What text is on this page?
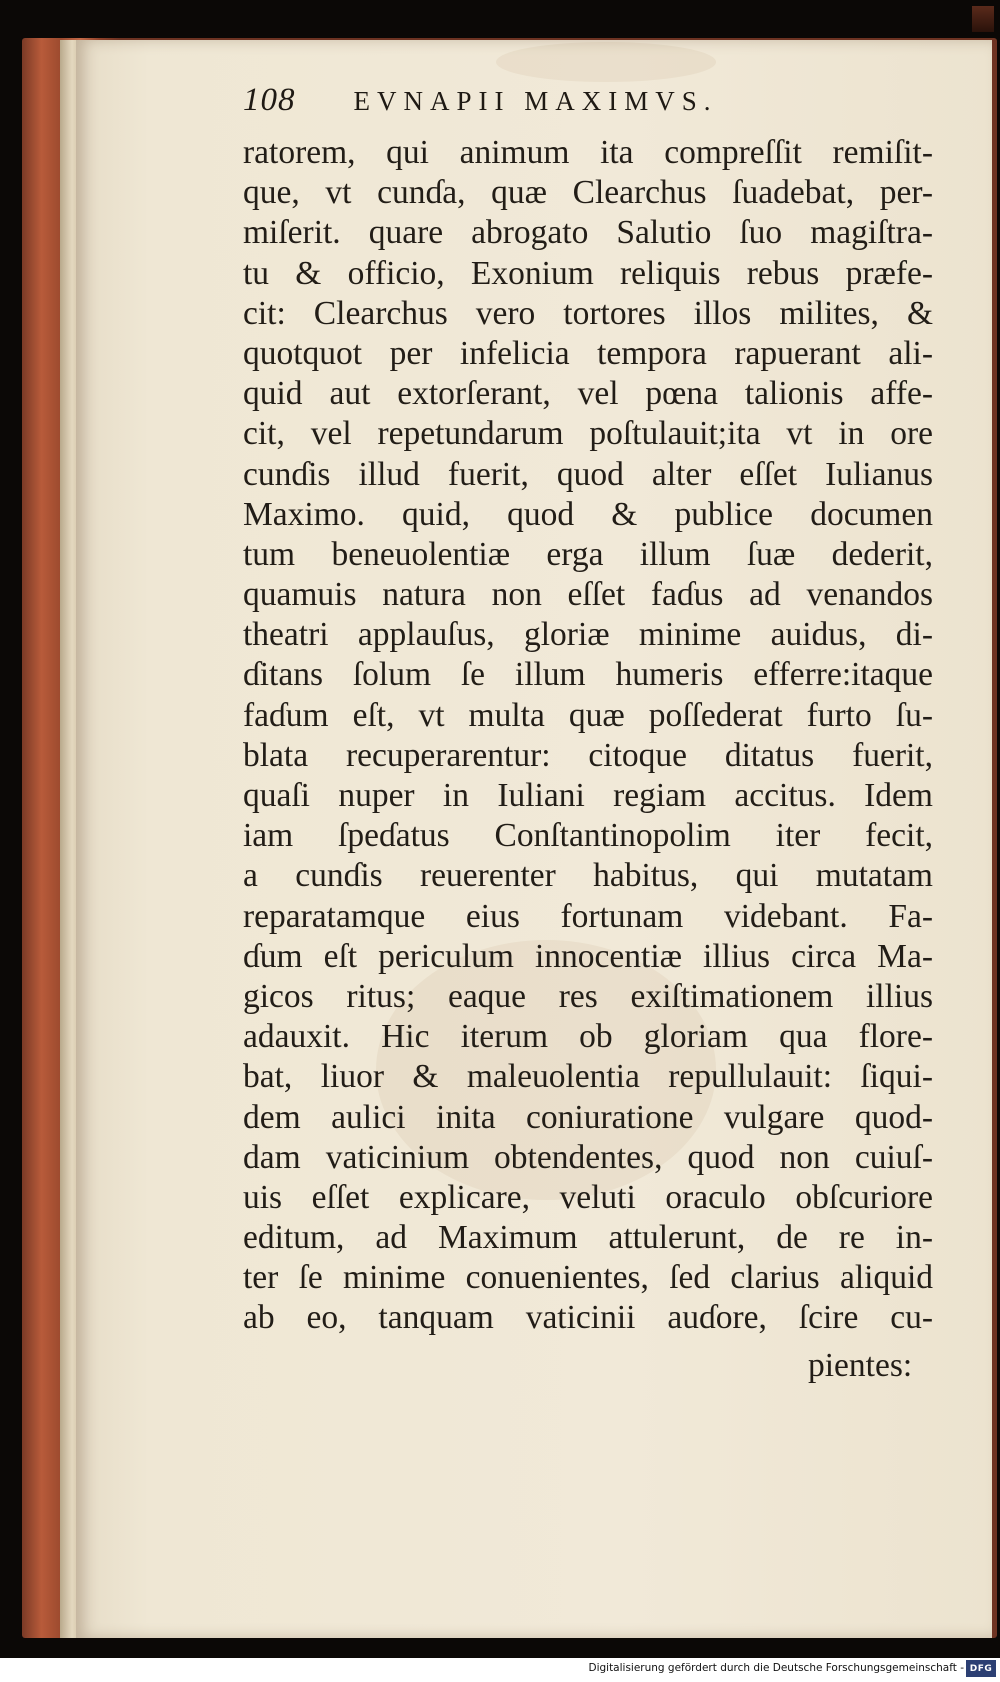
108 EVNAPII MAXIMVS.
ratorem, qui animum ita compreſſit remiſit-
que, vt cunɗa, quæ Clearchus ſuadebat, per-
miſerit. quare abrogato Salutio ſuo magiſtra-
tu & officio, Exonium reliquis rebus præfe-
cit: Clearchus vero tortores illos milites, &
quotquot per infelicia tempora rapuerant ali-
quid aut extorſerant, vel pœna talionis affe-
cit, vel repetundarum poſtulauit;ita vt in ore
cunɗis illud fuerit, quod alter eſſet Iulianus
Maximo. quid, quod & publice documen
tum beneuolentiæ erga illum ſuæ dederit,
quamuis natura non eſſet faɗus ad venandos
theatri applauſus, gloriæ minime auidus, di-
ɗitans ſolum ſe illum humeris efferre:itaque
faɗum eſt, vt multa quæ poſſederat furto ſu-
blata recuperarentur: citoque ditatus fuerit,
quaſi nuper in Iuliani regiam accitus. Idem
iam ſpeɗatus Conſtantinopolim iter fecit,
a cunɗis reuerenter habitus, qui mutatam
reparatamque eius fortunam videbant. Fa-
ɗum eſt periculum innocentiæ illius circa Ma-
gicos ritus; eaque res exiſtimationem illius
adauxit. Hic iterum ob gloriam qua flore-
bat, liuor & maleuolentia repullulauit: ſiqui-
dem aulici inita coniuratione vulgare quod-
dam vaticinium obtendentes, quod non cuiuſ-
uis eſſet explicare, veluti oraculo obſcuriore
editum, ad Maximum attulerunt, de re in-
ter ſe minime conuenientes, ſed clarius aliquid
ab eo, tanquam vaticinii auɗore, ſcire cu-
pientes:
Digitalisierung gefördert durch die Deutsche Forschungsgemeinschaft - DFG
